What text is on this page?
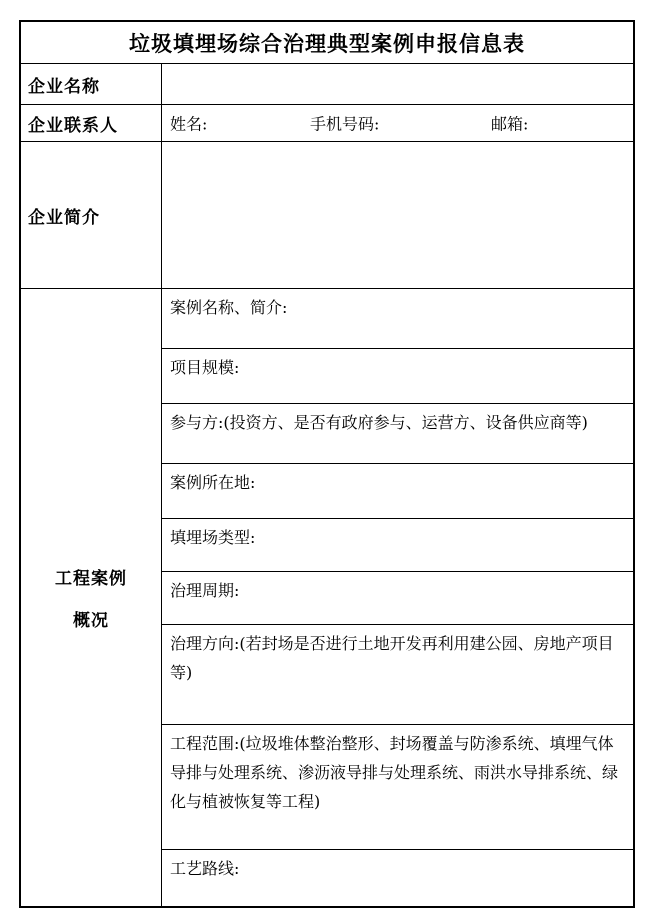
垃圾填埋场综合治理典型案例申报信息表
企业名称
企业联系人	姓名:	手机号码:	邮箱:
企业简介
工程案例
概况
案例名称、简介:
项目规模:
参与方:(投资方、是否有政府参与、运营方、设备供应商等)
案例所在地:
填埋场类型:
治理周期:
治理方向:(若封场是否进行土地开发再利用建公园、房地产项目等)
工程范围:(垃圾堆体整治整形、封场覆盖与防渗系统、填埋气体导排与处理系统、渗沥液导排与处理系统、雨洪水导排系统、绿化与植被恢复等工程)
工艺路线:
